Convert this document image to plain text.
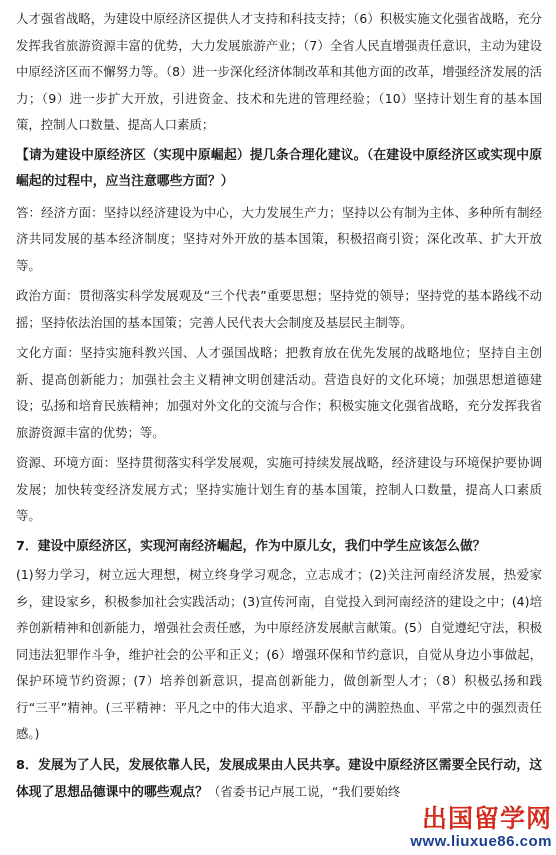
人才强省战略，为建设中原经济区提供人才支持和科技支持；（6）积极实施文化强省战略，充分发挥我省旅游资源丰富的优势，大力发展旅游产业；（7）全省人民直增强责任意识，主动为建设中原经济区而不懈努力等。（8）进一步深化经济体制改革和其他方面的改革，增强经济发展的活力；（9）进一步扩大开放，引进资金、技术和先进的管理经验；（10）坚持计划生育的基本国策，控制人口数量、提高人口素质；

【请为建设中原经济区（实现中原崛起）提几条合理化建议。（在建设中原经济区或实现中原崛起的过程中，应当注意哪些方面？）

答：经济方面：坚持以经济建设为中心，大力发展生产力；坚持以公有制为主体、多种所有制经济共同发展的基本经济制度；坚持对外开放的基本国策，积极招商引资；深化改革、扩大开放等。

政治方面：贯彻落实科学发展观及“三个代表”重要思想；坚持党的领导；坚持党的基本路线不动摇；坚持依法治国的基本国策；完善人民代表大会制度及基层民主制等。

文化方面：坚持实施科教兴国、人才强国战略；把教育放在优先发展的战略地位；坚持自主创新、提高创新能力；加强社会主义精神文明创建活动。营造良好的文化环境；加强思想道德建设；弘扬和培育民族精神；加强对外文化的交流与合作；积极实施文化强省战略，充分发挥我省旅游资源丰富的优势；等。

资源、环境方面：坚持贯彻落实科学发展观，实施可持续发展战略，经济建设与环境保护要协调发展；加快转变经济发展方式；坚持实施计划生育的基本国策，控制人口数量，提高人口素质等。

7．建设中原经济区，实现河南经济崛起，作为中原儿女，我们中学生应该怎么做？

(1)努力学习，树立远大理想，树立终身学习观念，立志成才；(2)关注河南经济发展，热爱家乡，建设家乡，积极参加社会实践活动；(3)宣传河南，自觉投入到河南经济的建设之中；(4)培养创新精神和创新能力，增强社会责任感，为中原经济发展献言献策。(5）自觉遵纪守法，积极同违法犯罪作斗争，维护社会的公平和正义；(6）增强环保和节约意识，自觉从身边小事做起，保护环境节约资源；(7）培养创新意识，提高创新能力，做创新型人才；（8）积极弘扬和践行“三平”精神。(三平精神：平凡之中的伟大追求、平静之中的满腔热血、平常之中的强烈责任感。)

8．发展为了人民，发展依靠人民，发展成果由人民共享。建设中原经济区需要全民行动，这体现了思想品德课中的哪些观点？（省委书记卢展工说，“我们要始终

出国留学网
www.liuxue86.com
